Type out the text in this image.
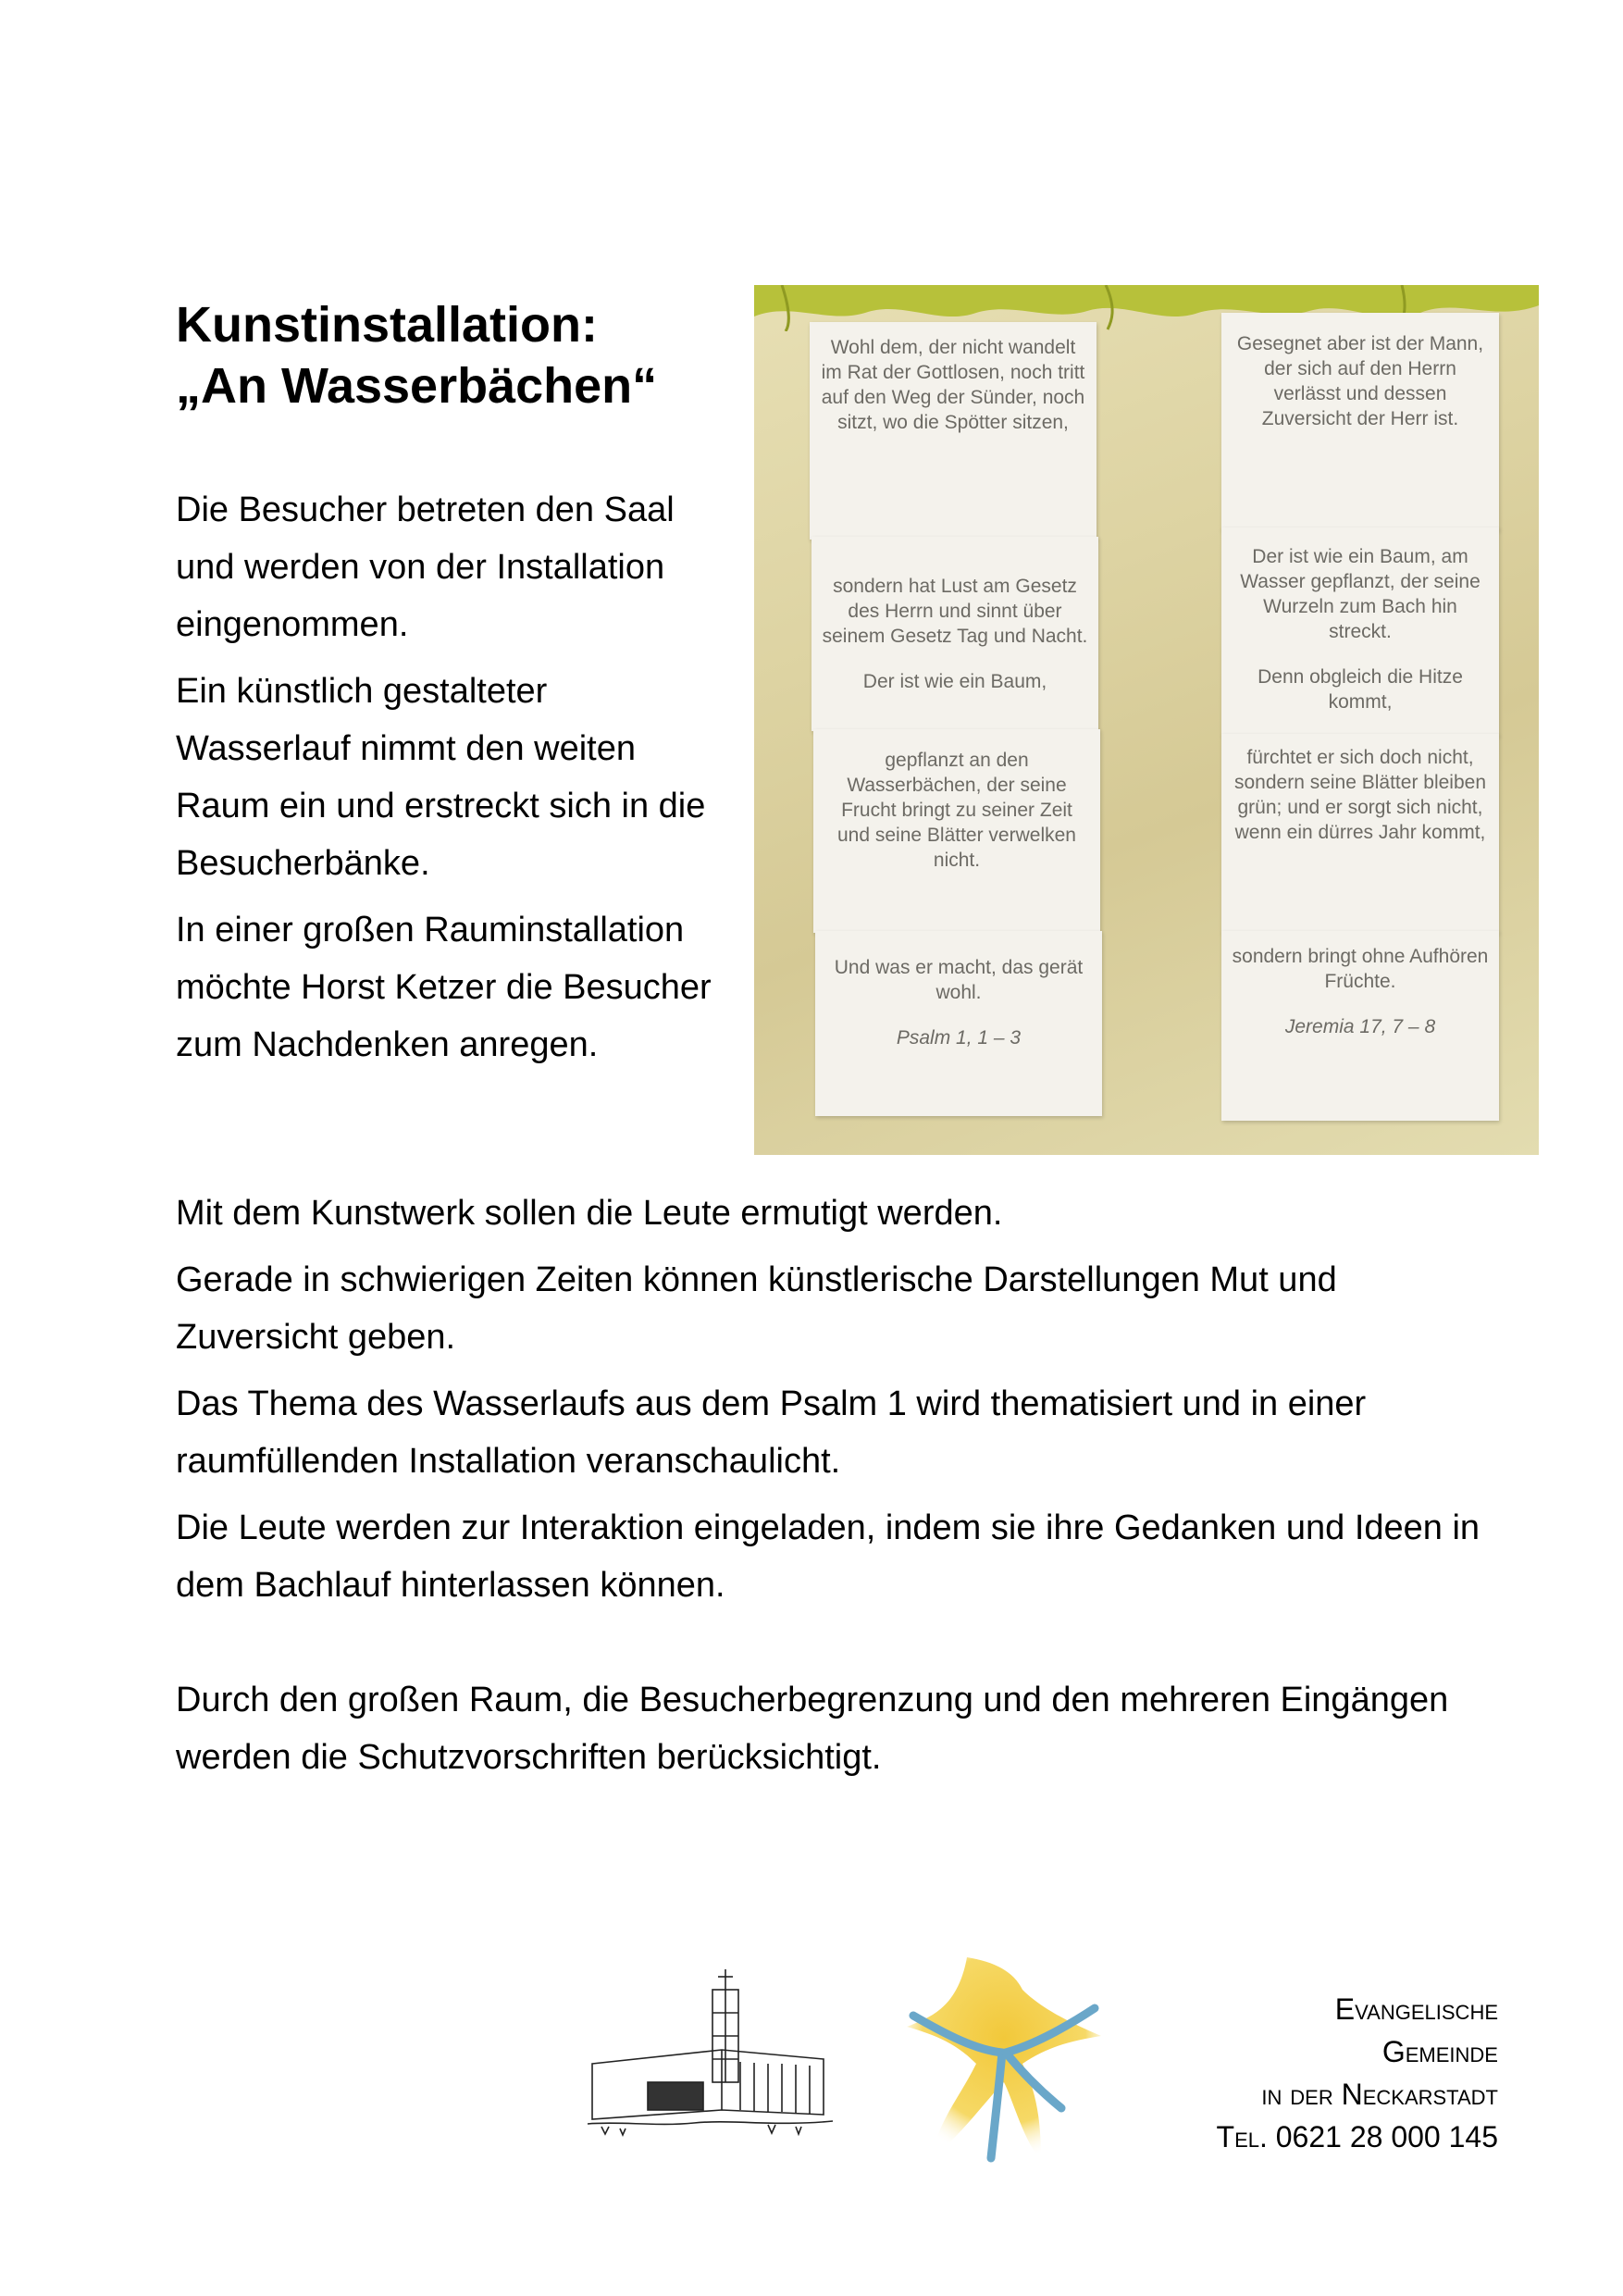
Kunstinstallation:
„An Wasserbächen“

Die Besucher betreten den Saal und werden von der Installation eingenommen.

Ein künstlich gestalteter Wasserlauf nimmt den weiten Raum ein und erstreckt sich in die Besucherbänke.

In einer großen Rauminstallation möchte Horst Ketzer die Besucher zum Nachdenken anregen.

Wohl dem, der nicht wandelt im Rat der Gottlosen, noch tritt auf den Weg der Sünder, noch sitzt, wo die Spötter sitzen,
sondern hat Lust am Gesetz des Herrn und sinnt über seinem Gesetz Tag und Nacht.
Der ist wie ein Baum,
gepflanzt an den Wasserbächen, der seine Frucht bringt zu seiner Zeit und seine Blätter verwelken nicht.
Und was er macht, das gerät wohl.
Psalm 1, 1 – 3
Gesegnet aber ist der Mann, der sich auf den Herrn verlässt und dessen Zuversicht der Herr ist.
Der ist wie ein Baum, am Wasser gepflanzt, der seine Wurzeln zum Bach hin streckt.
Denn obgleich die Hitze kommt,
fürchtet er sich doch nicht, sondern seine Blätter bleiben grün; und er sorgt sich nicht, wenn ein dürres Jahr kommt,
sondern bringt ohne Aufhören Früchte.
Jeremia 17, 7 – 8

Mit dem Kunstwerk sollen die Leute ermutigt werden.

Gerade in schwierigen Zeiten können künstlerische Darstellungen Mut und Zuversicht geben.

Das Thema des Wasserlaufs aus dem Psalm 1 wird thematisiert und in einer raumfüllenden Installation veranschaulicht.

Die Leute werden zur Interaktion eingeladen, indem sie ihre Gedanken und Ideen in dem Bachlauf hinterlassen können.

Durch den großen Raum, die Besucherbegrenzung und den mehreren Eingängen werden die Schutzvorschriften berücksichtigt.

Evangelische
Gemeinde
in der Neckarstadt
Tel. 0621 28 000 145
